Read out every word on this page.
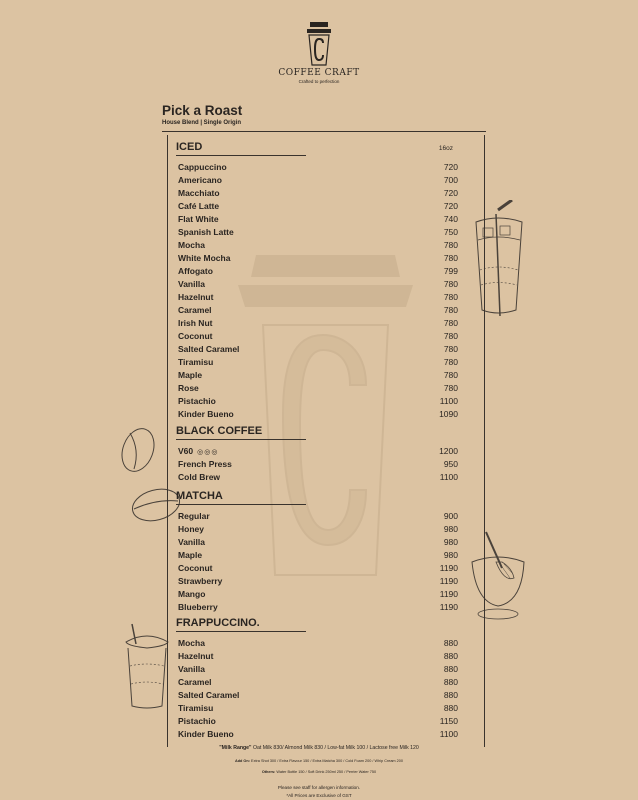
COFFEE CRAFT
Crafted to perfection
Pick a Roast
House Blend | Single Origin
16oz
ICED
Cappuccino	720
Americano	700
Macchiato	720
Café Latte	720
Flat White	740
Spanish Latte	750
Mocha	780
White Mocha	780
Affogato	799
Vanilla	780
Hazelnut	780
Caramel	780
Irish Nut	780
Coconut	780
Salted Caramel	780
Tiramisu	780
Maple	780
Rose	780
Pistachio	1100
Kinder Bueno	1090
BLACK COFFEE
V60 ◎◎◎	1200
French Press	950
Cold Brew	1100
MATCHA
Regular	900
Honey	980
Vanilla	980
Maple	980
Coconut	1190
Strawberry	1190
Mango	1190
Blueberry	1190
FRAPPUCCINO.
Mocha	880
Hazelnut	880
Vanilla	880
Caramel	880
Salted Caramel	880
Tiramisu	880
Pistachio	1150
Kinder Bueno	1100
"Milk Range" Oat Milk 830/ Almond Milk 830 / Low-fat Milk 100 / Lactose free Milk 120
Add On: Extra Shot 300 / Extra Flavour 150 / Extra Matcha 300 / Cold Foam 200 / Whip Cream 200
Others: Water Bottle 150 / Soft Drink 250ml 250 / Perrier Water 750
Please see staff for allergen information.
*All Prices are Exclusive of GST
